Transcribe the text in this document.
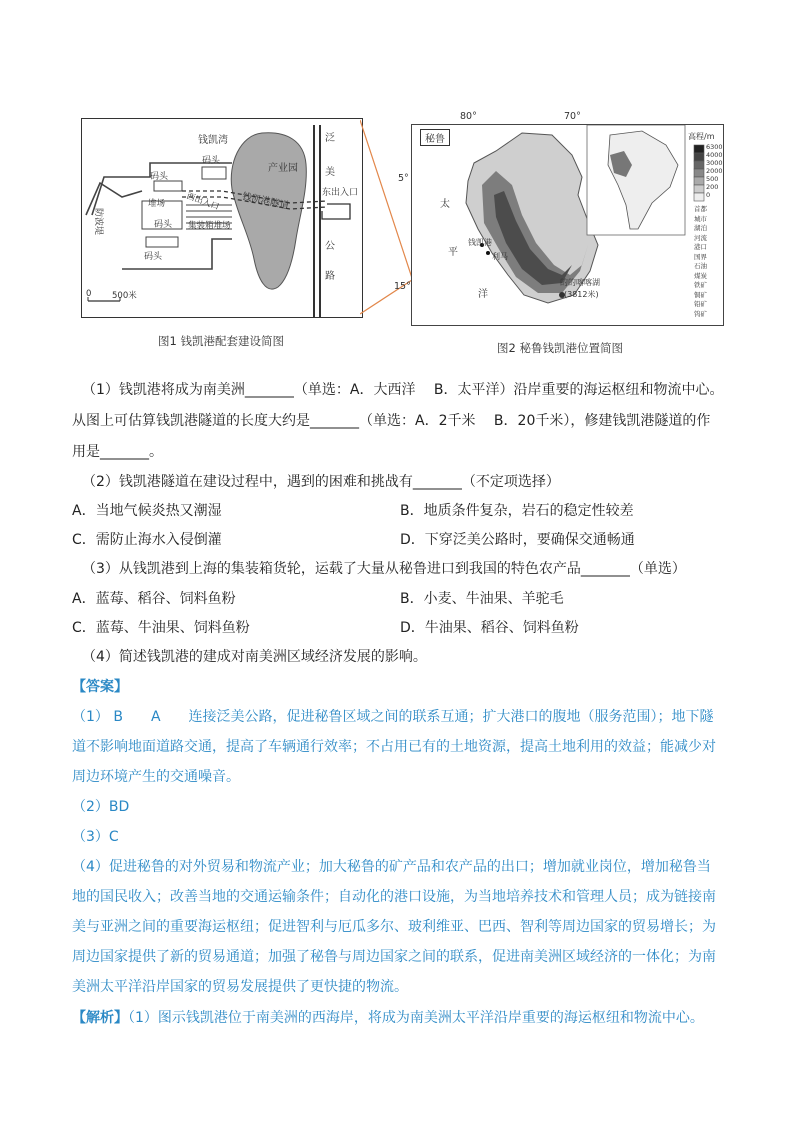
钱凯湾
产业园
钱凯港隧道
码头
码头
码头
码头
堆场
集装箱堆场
西出入口	东出入口
防波堤
泛
美
公
路
0 500米
图1 钱凯港配套建设简图
秘鲁
80°	70°
5°
15°
太
平
洋
钱凯港
利马
的的喀喀湖
(3812米)
高程/m
6300
4000
3000
2000
500
200
0
首都
城市
湖泊
河流
港口
国界
石油
煤炭
铁矿
铜矿
铅矿
钨矿
图2 秘鲁钱凯港位置简图
（1）钱凯港将成为南美洲_______（单选：A．大西洋　 B．太平洋）沿岸重要的海运枢纽和物流中心。
从图上可估算钱凯港隧道的长度大约是_______（单选：A．2千米　 B．20千米），修建钱凯港隧道的作
用是_______。
（2）钱凯港隧道在建设过程中，遇到的困难和挑战有_______（不定项选择）
A．当地气候炎热又潮湿	B．地质条件复杂，岩石的稳定性较差
C．需防止海水入侵倒灌	D．下穿泛美公路时，要确保交通畅通
（3）从钱凯港到上海的集装箱货轮，运载了大量从秘鲁进口到我国的特色农产品_______（单选）
A．蓝莓、稻谷、饲料鱼粉	B．小麦、牛油果、羊驼毛
C．蓝莓、牛油果、饲料鱼粉	D．牛油果、稻谷、饲料鱼粉
（4）简述钱凯港的建成对南美洲区域经济发展的影响。
【答案】
（1） B　　A　　连接泛美公路，促进秘鲁区域之间的联系互通；扩大港口的腹地（服务范围）；地下隧
道不影响地面道路交通，提高了车辆通行效率；不占用已有的土地资源，提高土地利用的效益；能减少对
周边环境产生的交通噪音。
（2）BD
（3）C
（4）促进秘鲁的对外贸易和物流产业；加大秘鲁的矿产品和农产品的出口；增加就业岗位，增加秘鲁当
地的国民收入；改善当地的交通运输条件；自动化的港口设施，为当地培养技术和管理人员；成为链接南
美与亚洲之间的重要海运枢纽；促进智利与厄瓜多尔、玻利维亚、巴西、智利等周边国家的贸易增长；为
周边国家提供了新的贸易通道；加强了秘鲁与周边国家之间的联系，促进南美洲区域经济的一体化；为南
美洲太平洋沿岸国家的贸易发展提供了更快捷的物流。
【解析】（1）图示钱凯港位于南美洲的西海岸，将成为南美洲太平洋沿岸重要的海运枢纽和物流中心。
